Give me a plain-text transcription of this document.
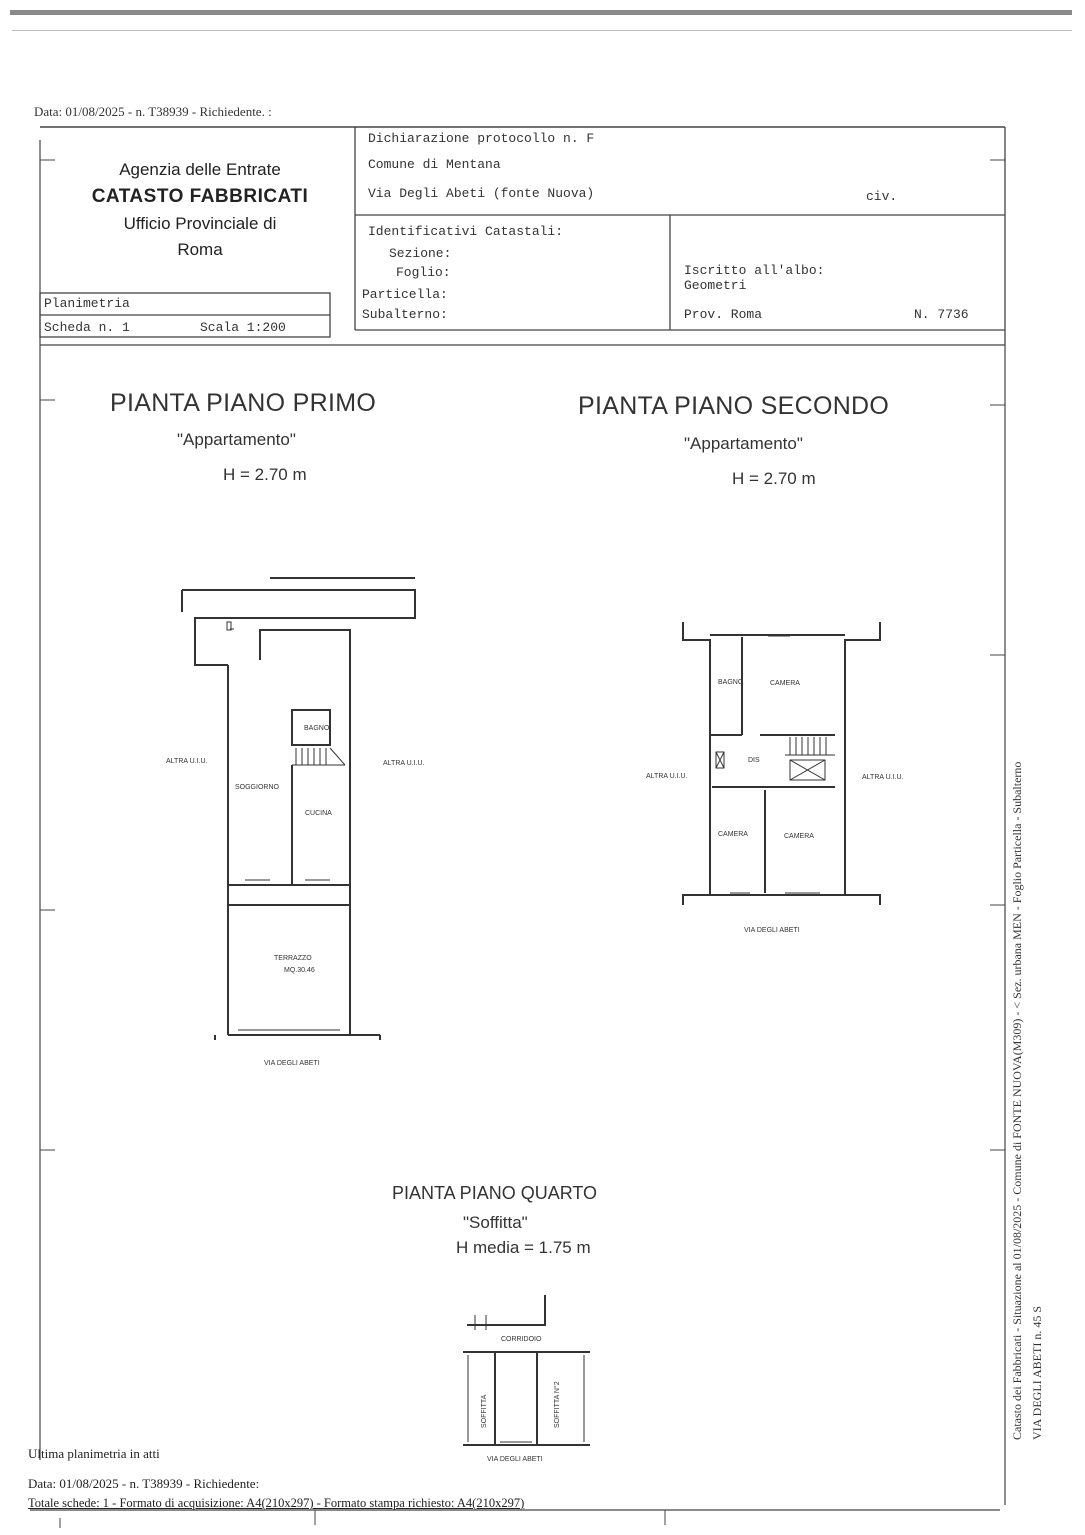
Data: 01/08/2025 - n. T38939 - Richiedente. :
Agenzia delle Entrate
CATASTO FABBRICATI
Ufficio Provinciale di
Roma
Dichiarazione protocollo n. F
Comune di Mentana
Via Degli Abeti (fonte Nuova)	civ.
Identificativi Catastali:
Sezione:
Foglio:
Particella:
Subalterno:
Iscritto all'albo:
Geometri
Prov. Roma	N. 7736
Planimetria
Scheda n. 1	Scala 1:200
PIANTA PIANO PRIMO
"Appartamento"
H = 2.70 m
PIANTA PIANO SECONDO
"Appartamento"
H = 2.70 m
PIANTA PIANO QUARTO
"Soffitta"
H media = 1.75 m
ALTRA U.I.U.	ALTRA U.I.U.
BAGNO
SOGGIORNO
CUCINA
TERRAZZO
MQ.30.46
VIA DEGLI ABETI
BAGNO	CAMERA
DIS
ALTRA U.I.U.	ALTRA U.I.U.
CAMERA	CAMERA
VIA DEGLI ABETI
CORRIDOIO
SOFFITTA	SOFFITTA N°2
VIA DEGLI ABETI
Catasto dei Fabbricati - Situazione al 01/08/2025 - Comune di FONTE NUOVA(M309) - < Sez. urbana MEN - Foglio Particella - Subalterno VIA DEGLI ABETI n. 45 S
Ultima planimetria in atti
Data: 01/08/2025 - n. T38939 - Richiedente:
Totale schede: 1 - Formato di acquisizione: A4(210x297) - Formato stampa richiesto: A4(210x297)
